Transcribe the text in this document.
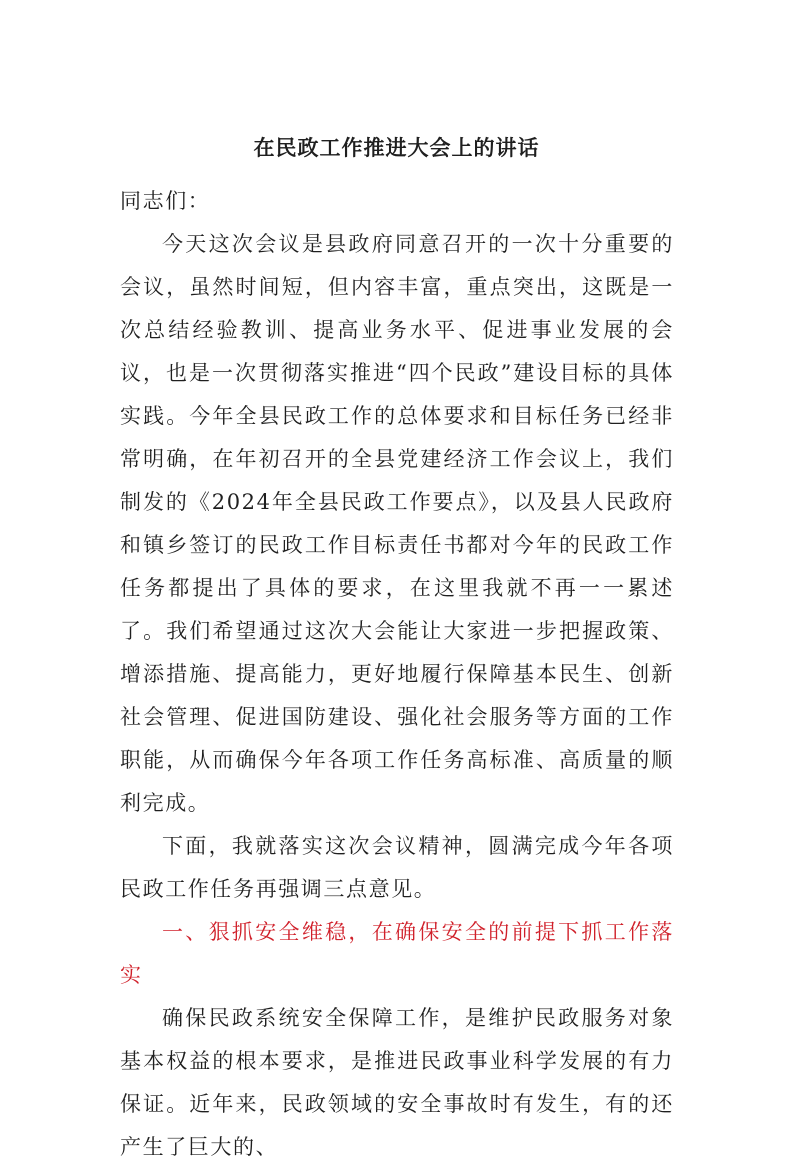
在民政工作推进大会上的讲话

同志们：

今天这次会议是县政府同意召开的一次十分重要的会议，虽然时间短，但内容丰富，重点突出，这既是一次总结经验教训、提高业务水平、促进事业发展的会议，也是一次贯彻落实推进“四个民政”建设目标的具体实践。今年全县民政工作的总体要求和目标任务已经非常明确，在年初召开的全县党建经济工作会议上，我们制发的《2024年全县民政工作要点》，以及县人民政府和镇乡签订的民政工作目标责任书都对今年的民政工作任务都提出了具体的要求，在这里我就不再一一累述了。我们希望通过这次大会能让大家进一步把握政策、增添措施、提高能力，更好地履行保障基本民生、创新社会管理、促进国防建设、强化社会服务等方面的工作职能，从而确保今年各项工作任务高标准、高质量的顺利完成。

下面，我就落实这次会议精神，圆满完成今年各项民政工作任务再强调三点意见。

一、狠抓安全维稳，在确保安全的前提下抓工作落实

确保民政系统安全保障工作，是维护民政服务对象基本权益的根本要求，是推进民政事业科学发展的有力保证。近年来，民政领域的安全事故时有发生，有的还产生了巨大的、
